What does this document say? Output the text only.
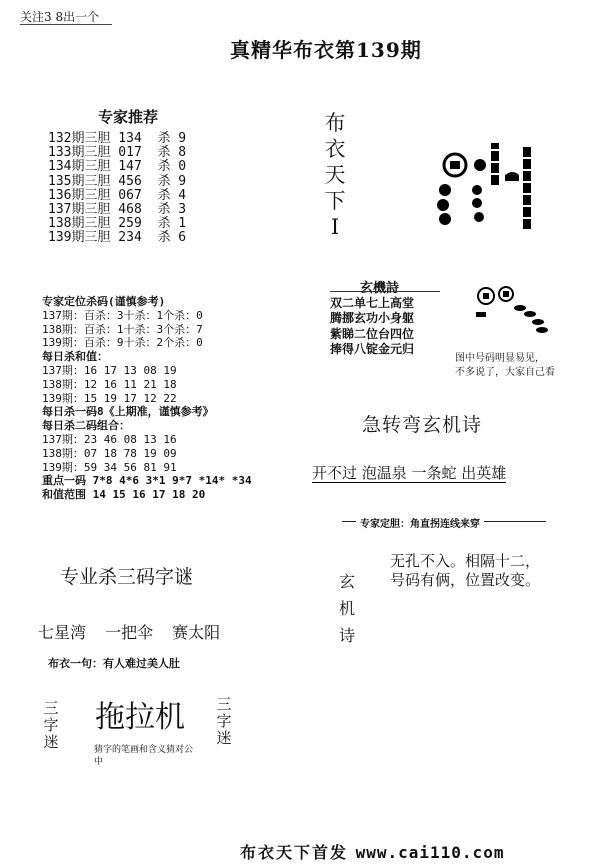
关注3 8出一个
真精华布衣第139期
专家推荐
132期三胆 134  杀 9
133期三胆 017  杀 8
134期三胆 147  杀 0
135期三胆 456  杀 9
136期三胆 067  杀 4
137期三胆 468  杀 3
138期三胆 259  杀 1
139期三胆 234  杀 6
专家定位杀码(谨慎参考)
137期：百杀：3十杀：1个杀：0
138期：百杀：1十杀：3个杀：7
139期：百杀：9十杀：2个杀：0
每日杀和值：
137期：16 17 13 08 19
138期：12 16 11 21 18
139期：15 19 17 12 22
每日杀一码8《上期准，谨慎参考》
每日杀二码组合：
137期：23 46 08 13 16
138期：07 18 78 19 09
139期：59 34 56 81 91
重点一码 7*8 4*6 3*1 9*7 *14* *34
和值范围 14 15 16 17 18 20
专业杀三码字谜
七星湾 一把伞 赛太阳
布衣一句：有人难过美人肚
三字迷
拖拉机 三字迷
猜字的笔画和含义猜对公中
布衣天下I
玄機詩
双二单七上高堂
腾挪玄功小身躯
紫睇二位台四位
捧得八锭金元归
图中号码明显易见，
不多说了，大家自己看
急转弯玄机诗
开不过 泡温泉 一条蛇 出英雄
专家定胆：角直拐连线来穿
玄机诗
无孔不入。相隔十二，
号码有俩，位置改变。
布衣天下首发 www.cai110.com
